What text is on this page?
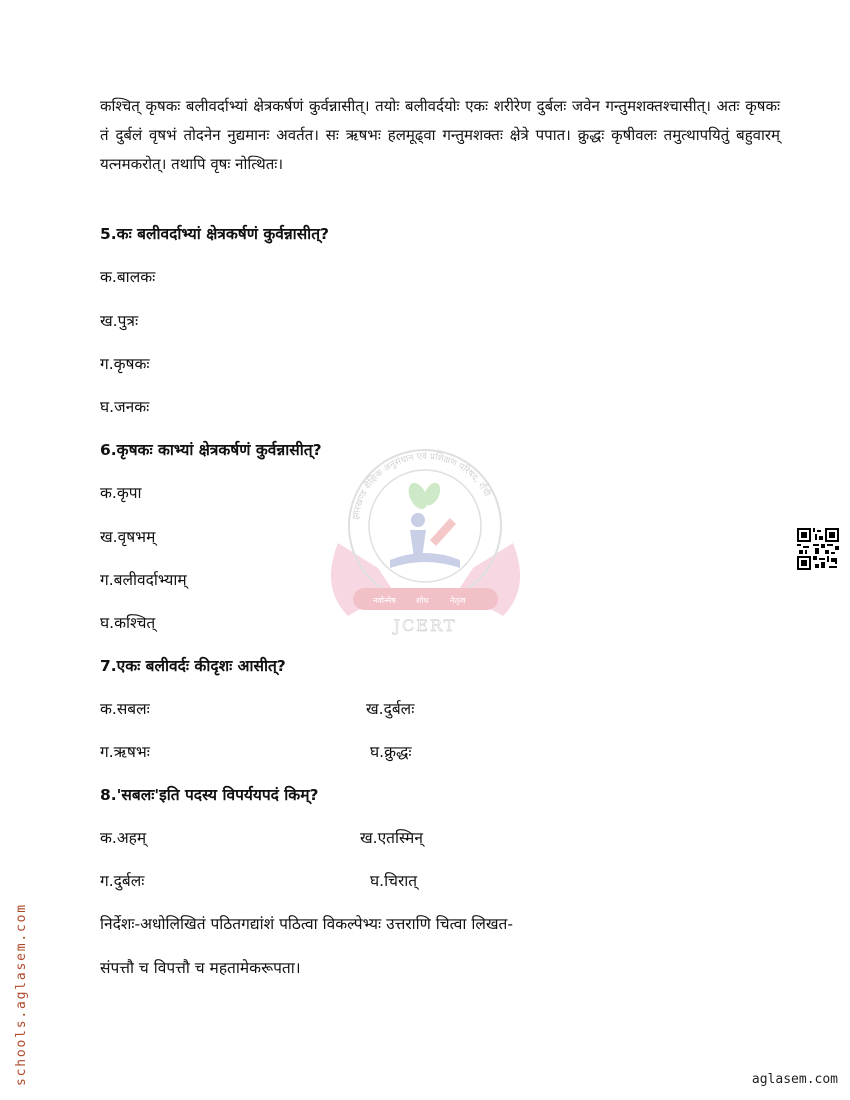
कश्चित् कृषकः बलीवर्दाभ्यां क्षेत्रकर्षणं कुर्वन्नासीत्। तयोः बलीवर्दयोः एकः शरीरेण दुर्बलः जवेन गन्तुमशक्तश्चासीत्। अतः कृषकः तं दुर्बलं वृषभं तोदनेन नुद्यमानः अवर्तत। सः ऋषभः हलमूढ्वा गन्तुमशक्तः क्षेत्रे पपात। क्रुद्धः कृषीवलः तमुत्थापयितुं बहुवारम् यत्नमकरोत्। तथापि वृषः नोत्थितः।
5.कः बलीवर्दाभ्यां क्षेत्रकर्षणं कुर्वन्नासीत्?
क.बालकः
ख.पुत्रः
ग.कृषकः
घ.जनकः
6.कृषकः काभ्यां क्षेत्रकर्षणं कुर्वन्नासीत्?
क.कृपा
ख.वृषभम्
ग.बलीवर्दाभ्याम्
घ.कश्चित्
7.एकः बलीवर्दः कीदृशः आसीत्?
क.सबलः	ख.दुर्बलः
ग.ऋषभः	घ.क्रुद्धः
8.'सबलः'इति पदस्य विपर्ययपदं किम्?
क.अहम्	ख.एतस्मिन्
ग.दुर्बलः	घ.चिरात्
निर्देशः-अधोलिखितं पठितगद्यांशं पठित्वा विकल्पेभ्यः उत्तराणि चित्वा लिखत-
संपत्तौ च विपत्तौ च महतामेकरूपता।
झारखण्ड शैक्षिक अनुसंधान एवं प्रशिक्षण परिषद, राँची
नवोन्मेष	शोध	नेतृत्व
JCERT
schools.aglasem.com	aglasem.com
